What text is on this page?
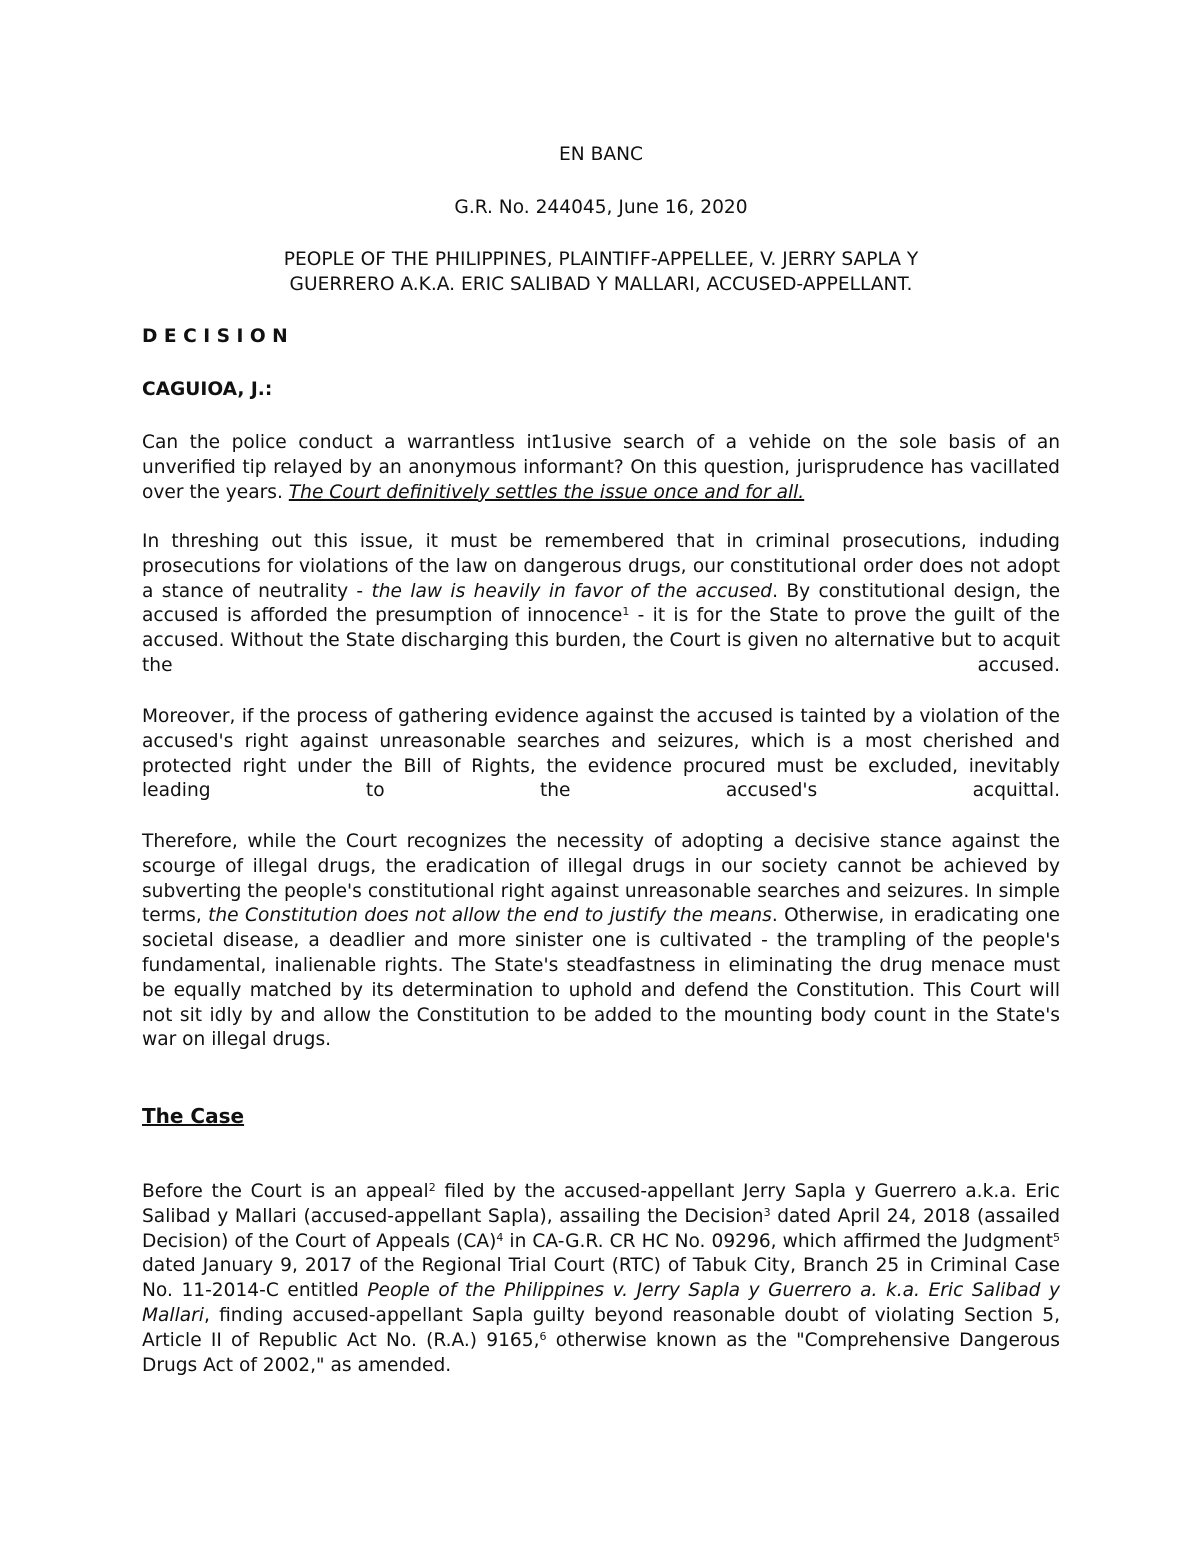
EN BANC
G.R. No. 244045, June 16, 2020
PEOPLE OF THE PHILIPPINES, PLAINTIFF-APPELLEE, V. JERRY SAPLA Y
GUERRERO A.K.A. ERIC SALIBAD Y MALLARI, ACCUSED-APPELLANT.
D E C I S I O N
CAGUIOA, J.:
Can the police conduct a warrantless int1usive search of a vehide on the sole basis of an unverified tip relayed by an anonymous informant? On this question, jurisprudence has vacillated over the years. The Court definitively settles the issue once and for all.
In threshing out this issue, it must be remembered that in criminal prosecutions, induding prosecutions for violations of the law on dangerous drugs, our constitutional order does not adopt a stance of neutrality - the law is heavily in favor of the accused. By constitutional design, the accused is afforded the presumption of innocence$^1$ - it is for the State to prove the guilt of the accused. Without the State discharging this burden, the Court is given no alternative but to acquit the accused.
Moreover, if the process of gathering evidence against the accused is tainted by a violation of the accused's right against unreasonable searches and seizures, which is a most cherished and protected right under the Bill of Rights, the evidence procured must be excluded, inevitably leading to the accused's acquittal.
Therefore, while the Court recognizes the necessity of adopting a decisive stance against the scourge of illegal drugs, the eradication of illegal drugs in our society cannot be achieved by subverting the people's constitutional right against unreasonable searches and seizures. In simple terms, the Constitution does not allow the end to justify the means. Otherwise, in eradicating one societal disease, a deadlier and more sinister one is cultivated - the trampling of the people's fundamental, inalienable rights. The State's steadfastness in eliminating the drug menace must be equally matched by its determination to uphold and defend the Constitution. This Court will not sit idly by and allow the Constitution to be added to the mounting body count in the State's war on illegal drugs.
The Case
Before the Court is an appeal$^2$ filed by the accused-appellant Jerry Sapla y Guerrero a.k.a. Eric Salibad y Mallari (accused-appellant Sapla), assailing the Decision$^3$ dated April 24, 2018 (assailed Decision) of the Court of Appeals (CA)$^4$ in CA-G.R. CR HC No. 09296, which affirmed the Judgment$^5$ dated January 9, 2017 of the Regional Trial Court (RTC) of Tabuk City, Branch 25 in Criminal Case No. 11-2014-C entitled People of the Philippines v. Jerry Sapla y Guerrero a. k.a. Eric Salibad y Mallari, finding accused-appellant Sapla guilty beyond reasonable doubt of violating Section 5, Article II of Republic Act No. (R.A.) 9165,$^6$ otherwise known as the "Comprehensive Dangerous Drugs Act of 2002," as amended.
